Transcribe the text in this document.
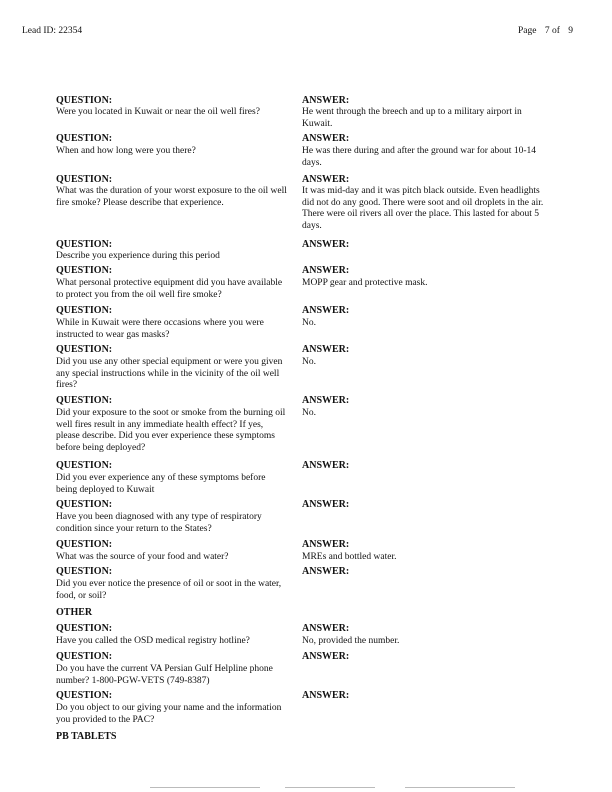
Lead ID: 22354	Page 7 of 9
QUESTION:
Were you located in Kuwait or near the oil well fires?
ANSWER:
He went through the breech and up to a military airport in Kuwait.
QUESTION:
When and how long were you there?
ANSWER:
He was there during and after the ground war for about 10-14 days.
QUESTION:
What was the duration of your worst exposure to the oil well fire smoke? Please describe that experience.
ANSWER:
It was mid-day and it was pitch black outside. Even headlights did not do any good. There were soot and oil droplets in the air. There were oil rivers all over the place. This lasted for about 5 days.
QUESTION:
Describe you experience during this period
ANSWER:
QUESTION:
What personal protective equipment did you have available to protect you from the oil well fire smoke?
ANSWER:
MOPP gear and protective mask.
QUESTION:
While in Kuwait were there occasions where you were instructed to wear gas masks?
ANSWER:
No.
QUESTION:
Did you use any other special equipment or were you given any special instructions while in the vicinity of the oil well fires?
ANSWER:
No.
QUESTION:
Did your exposure to the soot or smoke from the burning oil well fires result in any immediate health effect? If yes, please describe. Did you ever experience these symptoms before being deployed?
ANSWER:
No.
QUESTION:
Did you ever experience any of these symptoms before being deployed to Kuwait
ANSWER:
QUESTION:
Have you been diagnosed with any type of respiratory condition since your return to the States?
ANSWER:
QUESTION:
What was the source of your food and water?
ANSWER:
MREs and bottled water.
QUESTION:
Did you ever notice the presence of oil or soot in the water, food, or soil?
ANSWER:
OTHER
QUESTION:
Have you called the OSD medical registry hotline?
ANSWER:
No, provided the number.
QUESTION:
Do you have the current VA Persian Gulf Helpline phone number? 1-800-PGW-VETS (749-8387)
ANSWER:
QUESTION:
Do you object to our giving your name and the information you provided to the PAC?
ANSWER:
PB TABLETS
